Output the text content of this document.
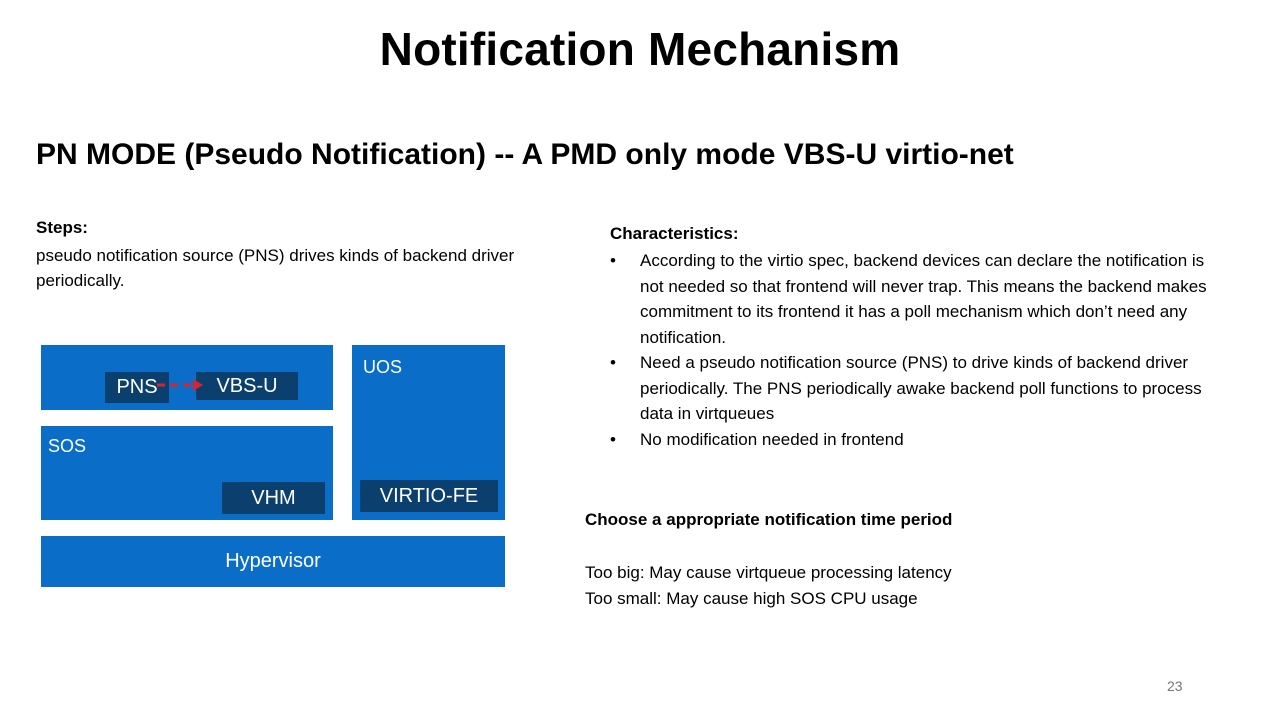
Notification Mechanism
PN MODE (Pseudo Notification) -- A PMD only mode VBS-U virtio-net
Steps:
pseudo notification source (PNS) drives kinds of backend driver periodically.
PNS	VBS-U
SOS
VHM
UOS
VIRTIO-FE
Hypervisor
Characteristics:
• According to the virtio spec, backend devices can declare the notification is not needed so that frontend will never trap. This means the backend makes commitment to its frontend it has a poll mechanism which don’t need any notification.
• Need a pseudo notification source (PNS) to drive kinds of backend driver periodically. The PNS periodically awake backend poll functions to process data in virtqueues
• No modification needed in frontend
Choose a appropriate notification time period
Too big: May cause virtqueue processing latency
Too small: May cause high SOS CPU usage
23
